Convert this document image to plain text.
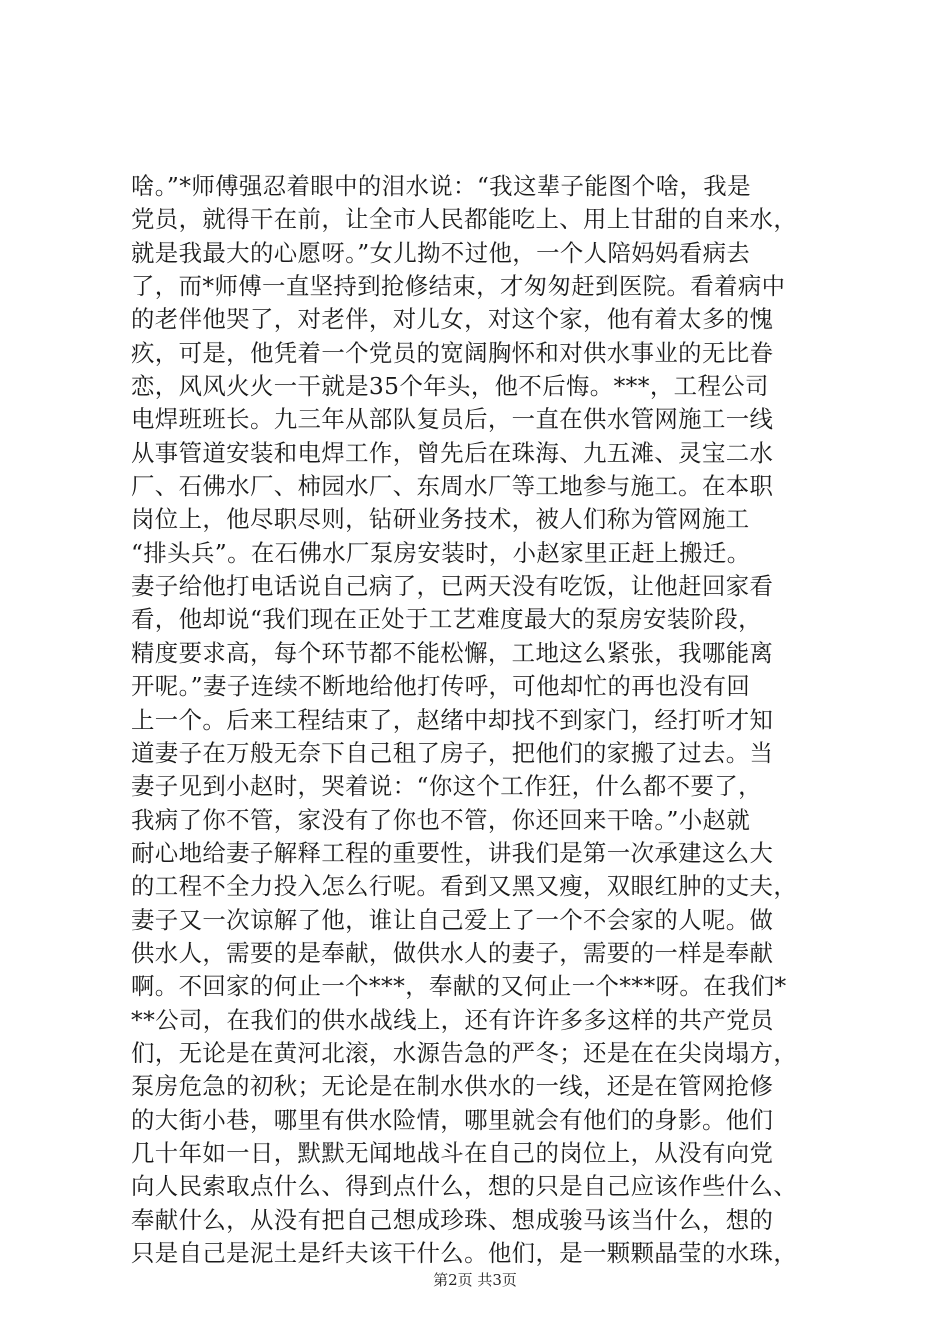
啥。”*师傅强忍着眼中的泪水说：“我这辈子能图个啥，我是
党员，就得干在前，让全市人民都能吃上、用上甘甜的自来水，
就是我最大的心愿呀。”女儿拗不过他，一个人陪妈妈看病去
了，而*师傅一直坚持到抢修结束，才匆匆赶到医院。看着病中
的老伴他哭了，对老伴，对儿女，对这个家，他有着太多的愧
疚，可是，他凭着一个党员的宽阔胸怀和对供水事业的无比眷
恋，风风火火一干就是35个年头，他不后悔。***，工程公司
电焊班班长。九三年从部队复员后，一直在供水管网施工一线
从事管道安装和电焊工作，曾先后在珠海、九五滩、灵宝二水
厂、石佛水厂、柿园水厂、东周水厂等工地参与施工。在本职
岗位上，他尽职尽则，钻研业务技术，被人们称为管网施工
“排头兵”。在石佛水厂泵房安装时，小赵家里正赶上搬迁。
妻子给他打电话说自己病了，已两天没有吃饭，让他赶回家看
看，他却说“我们现在正处于工艺难度最大的泵房安装阶段，
精度要求高，每个环节都不能松懈，工地这么紧张，我哪能离
开呢。”妻子连续不断地给他打传呼，可他却忙的再也没有回
上一个。后来工程结束了，赵绪中却找不到家门，经打听才知
道妻子在万般无奈下自己租了房子，把他们的家搬了过去。当
妻子见到小赵时，哭着说：“你这个工作狂，什么都不要了，
我病了你不管，家没有了你也不管，你还回来干啥。”小赵就
耐心地给妻子解释工程的重要性，讲我们是第一次承建这么大
的工程不全力投入怎么行呢。看到又黑又瘦，双眼红肿的丈夫，
妻子又一次谅解了他，谁让自己爱上了一个不会家的人呢。做
供水人，需要的是奉献，做供水人的妻子，需要的一样是奉献
啊。不回家的何止一个***，奉献的又何止一个***呀。在我们*
**公司，在我们的供水战线上，还有许许多多这样的共产党员
们，无论是在黄河北滚，水源告急的严冬；还是在在尖岗塌方，
泵房危急的初秋；无论是在制水供水的一线，还是在管网抢修
的大街小巷，哪里有供水险情，哪里就会有他们的身影。他们
几十年如一日，默默无闻地战斗在自己的岗位上，从没有向党
向人民索取点什么、得到点什么，想的只是自己应该作些什么、
奉献什么，从没有把自己想成珍珠、想成骏马该当什么，想的
只是自己是泥土是纤夫该干什么。他们，是一颗颗晶莹的水珠，
第2页 共3页
